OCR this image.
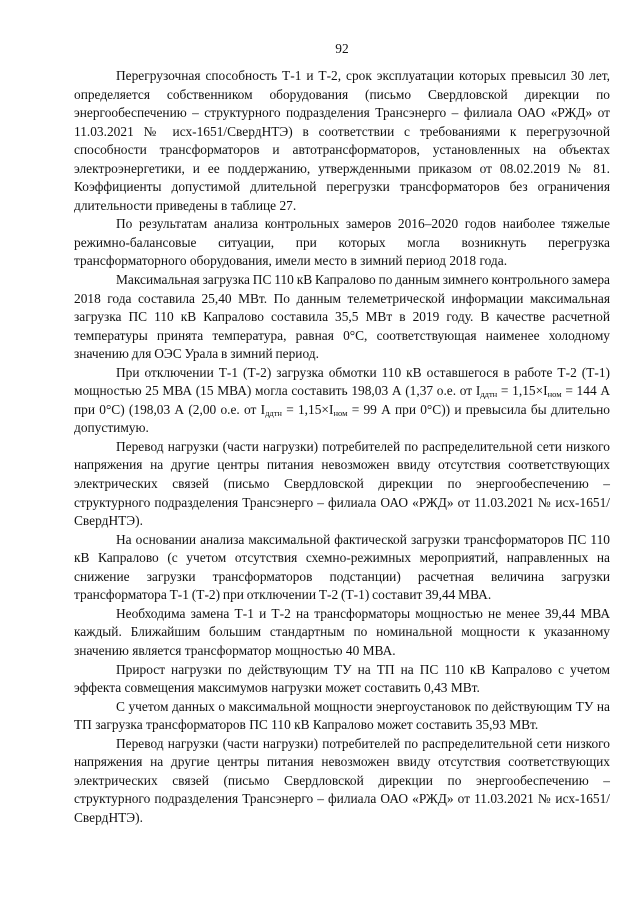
92

Перегрузочная способность Т-1 и Т-2, срок эксплуатации которых превысил 30 лет, определяется собственником оборудования (письмо Свердловской дирекции по энергообеспечению – структурного подразделения Трансэнерго – филиала ОАО «РЖД» от 11.03.2021 № исх-1651/СвердНТЭ) в соответствии с требованиями к перегрузочной способности трансформаторов и автотрансформаторов, установленных на объектах электроэнергетики, и ее поддержанию, утвержденными приказом от 08.02.2019 № 81. Коэффициенты допустимой длительной перегрузки трансформаторов без ограничения длительности приведены в таблице 27.

По результатам анализа контрольных замеров 2016–2020 годов наиболее тяжелые режимно-балансовые ситуации, при которых могла возникнуть перегрузка трансформаторного оборудования, имели место в зимний период 2018 года.

Максимальная загрузка ПС 110 кВ Капралово по данным зимнего контрольного замера 2018 года составила 25,40 МВт. По данным телеметрической информации максимальная загрузка ПС 110 кВ Капралово составила 35,5 МВт в 2019 году. В качестве расчетной температуры принята температура, равная 0°С, соответствующая наименее холодному значению для ОЭС Урала в зимний период.

При отключении Т-1 (Т-2) загрузка обмотки 110 кВ оставшегося в работе Т-2 (Т-1) мощностью 25 МВА (15 МВА) могла составить 198,03 А (1,37 о.е. от $I_{ддтн} = 1,15\times I_{ном} = 144$ А при 0°С) (198,03 А (2,00 о.е. от $I_{ддтн} = 1,15\times I_{ном} = 99$ А при 0°С)) и превысила бы длительно допустимую.

Перевод нагрузки (части нагрузки) потребителей по распределительной сети низкого напряжения на другие центры питания невозможен ввиду отсутствия соответствующих электрических связей (письмо Свердловской дирекции по энергообеспечению – структурного подразделения Трансэнерго – филиала ОАО «РЖД» от 11.03.2021 № исх-1651/СвердНТЭ).

На основании анализа максимальной фактической загрузки трансформаторов ПС 110 кВ Капралово (с учетом отсутствия схемно-режимных мероприятий, направленных на снижение загрузки трансформаторов подстанции) расчетная величина загрузки трансформатора Т-1 (Т-2) при отключении Т-2 (Т-1) составит 39,44 МВА.

Необходима замена Т-1 и Т-2 на трансформаторы мощностью не менее 39,44 МВА каждый. Ближайшим большим стандартным по номинальной мощности к указанному значению является трансформатор мощностью 40 МВА.

Прирост нагрузки по действующим ТУ на ТП на ПС 110 кВ Капралово с учетом эффекта совмещения максимумов нагрузки может составить 0,43 МВт.

С учетом данных о максимальной мощности энергоустановок по действующим ТУ на ТП загрузка трансформаторов ПС 110 кВ Капралово может составить 35,93 МВт.

Перевод нагрузки (части нагрузки) потребителей по распределительной сети низкого напряжения на другие центры питания невозможен ввиду отсутствия соответствующих электрических связей (письмо Свердловской дирекции по энергообеспечению – структурного подразделения Трансэнерго – филиала ОАО «РЖД» от 11.03.2021 № исх-1651/СвердНТЭ).
